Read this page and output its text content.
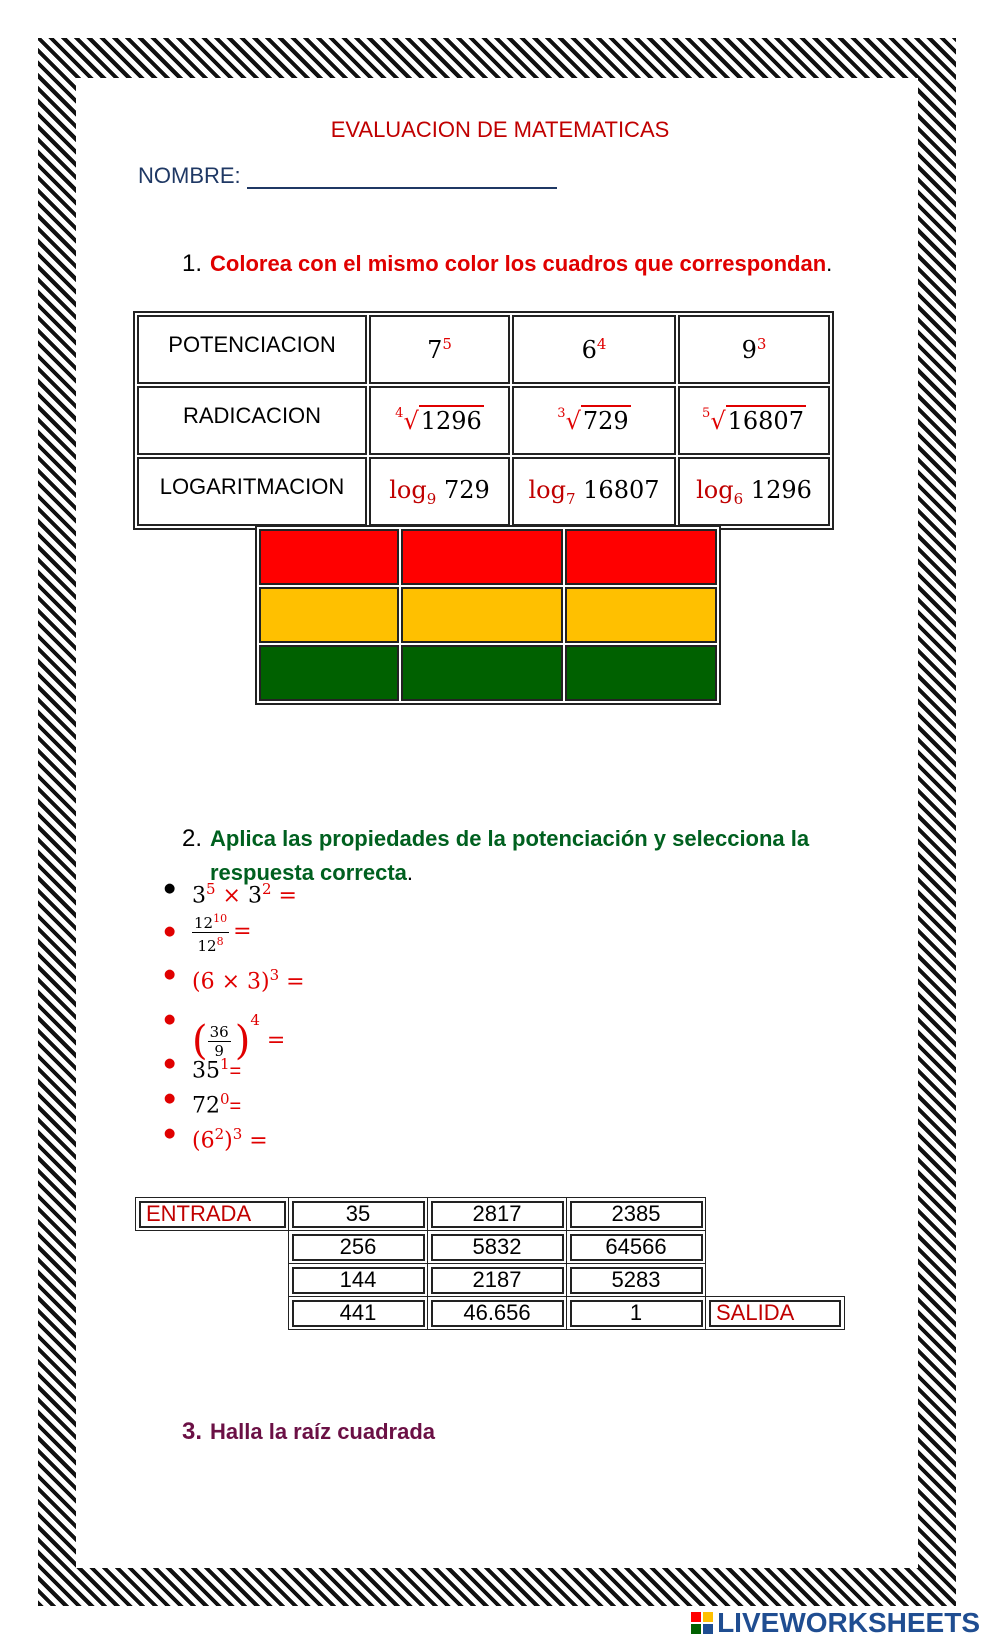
EVALUACION DE MATEMATICAS
NOMBRE:
1. Colorea con el mismo color los cuadros que correspondan.
POTENCIACION	$7^5$	$6^4$	$9^3$
RADICACION	$^4$√1296	$^3$√729	$^5$√16807
LOGARITMACION	$\log_9 729$	$\log_7 16807$	$\log_6 1296$

2. Aplica las propiedades de la potenciación y selecciona la
respuesta correcta.
● $3^5 \times 3^2$ =
● $\frac{12^{10}}{12^8}$ =
● $(6 \times 3)^3$ =
● ( $\frac{36}{9} )^4$ =
● $35^1=$
● $72^0=$
● $(6^2)^3$ =
ENTRADA	35	2817	2385	
	256	5832	64566	
	144	2187	5283	
	441	46.656	1	SALIDA
3. Halla la raíz cuadrada
LIVEWORKSHEETS
